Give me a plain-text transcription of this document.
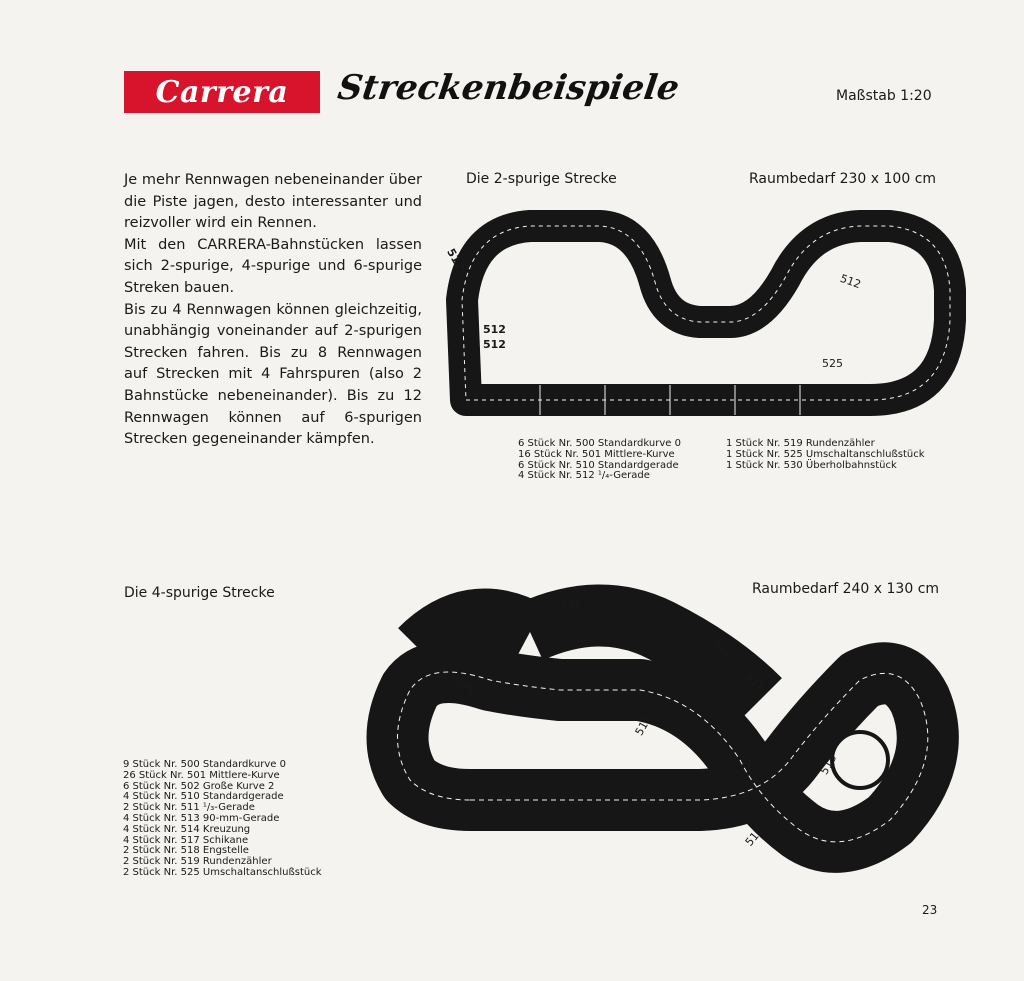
Carrera Streckenbeispiele	Maßstab 1:20

Je mehr Rennwagen nebeneinander über die Piste jagen, desto interessanter und reizvoller wird ein Rennen.

Mit den CARRERA-Bahnstücken lassen sich 2-spurige, 4-spurige und 6-spurige Streken bauen.

Bis zu 4 Rennwagen können gleichzeitig, unabhängig voneinander auf 2-spurigen Strecken fahren. Bis zu 8 Rennwagen auf Strecken mit 4 Fahrspuren (also 2 Bahnstücke nebeneinander). Bis zu 12 Rennwagen können auf 6-spurigen Strecken gegeneinander kämpfen.

Die 2-spurige Strecke	Raumbedarf 230 x 100 cm
512
512
512
512
525
6 Stück Nr. 500 Standardkurve 0
16 Stück Nr. 501 Mittlere-Kurve
6 Stück Nr. 510 Standardgerade
4 Stück Nr. 512 ¹/₄-Gerade
1 Stück Nr. 519 Rundenzähler
1 Stück Nr. 525 Umschaltanschlußstück
1 Stück Nr. 530 Überholbahnstück
Die 4-spurige Strecke	Raumbedarf 240 x 130 cm
525
511
513
525
511
513
513
9 Stück Nr. 500 Standardkurve 0
26 Stück Nr. 501 Mittlere-Kurve
6 Stück Nr. 502 Große Kurve 2
4 Stück Nr. 510 Standardgerade
2 Stück Nr. 511 ¹/₃-Gerade
4 Stück Nr. 513 90-mm-Gerade
4 Stück Nr. 514 Kreuzung
4 Stück Nr. 517 Schikane
2 Stück Nr. 518 Engstelle
2 Stück Nr. 519 Rundenzähler
2 Stück Nr. 525 Umschaltanschlußstück
23
